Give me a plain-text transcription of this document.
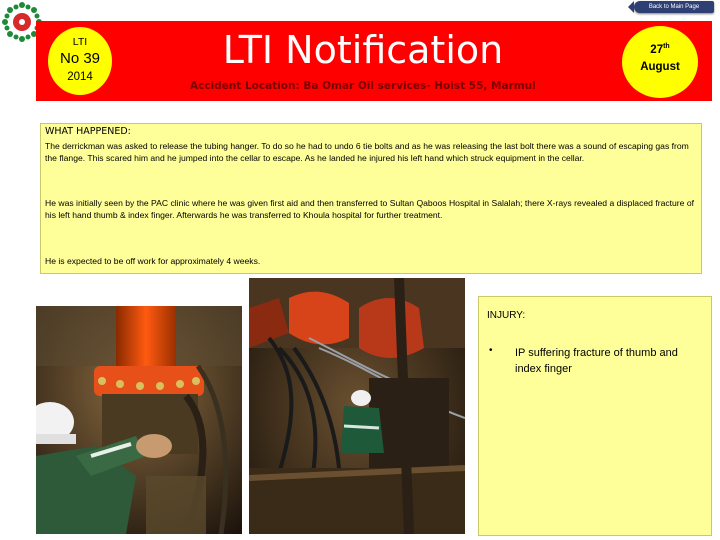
Back to Main Page
LTI
No 39
2014
LTI Notification
Accident Location: Ba Omar Oil services- Hoist 55, Marmul
27th
August

WHAT HAPPENED:

The derrickman was asked to release the tubing hanger. To do so he had to undo 6 tie bolts and as he was releasing the last bolt there was a sound of escaping gas from the flange. This scared him and he jumped into the cellar to escape. As he landed he injured his left hand which struck equipment in the cellar.

He was initially seen by the PAC clinic where he was given first aid and then transferred to Sultan Qaboos Hospital in Salalah; there X-rays revealed a displaced fracture of his left hand thumb & index finger. Afterwards he was transferred to Khoula hospital for further treatment.

He is expected to be off work for approximately 4 weeks.

INJURY:
• IP suffering fracture of thumb and index finger
